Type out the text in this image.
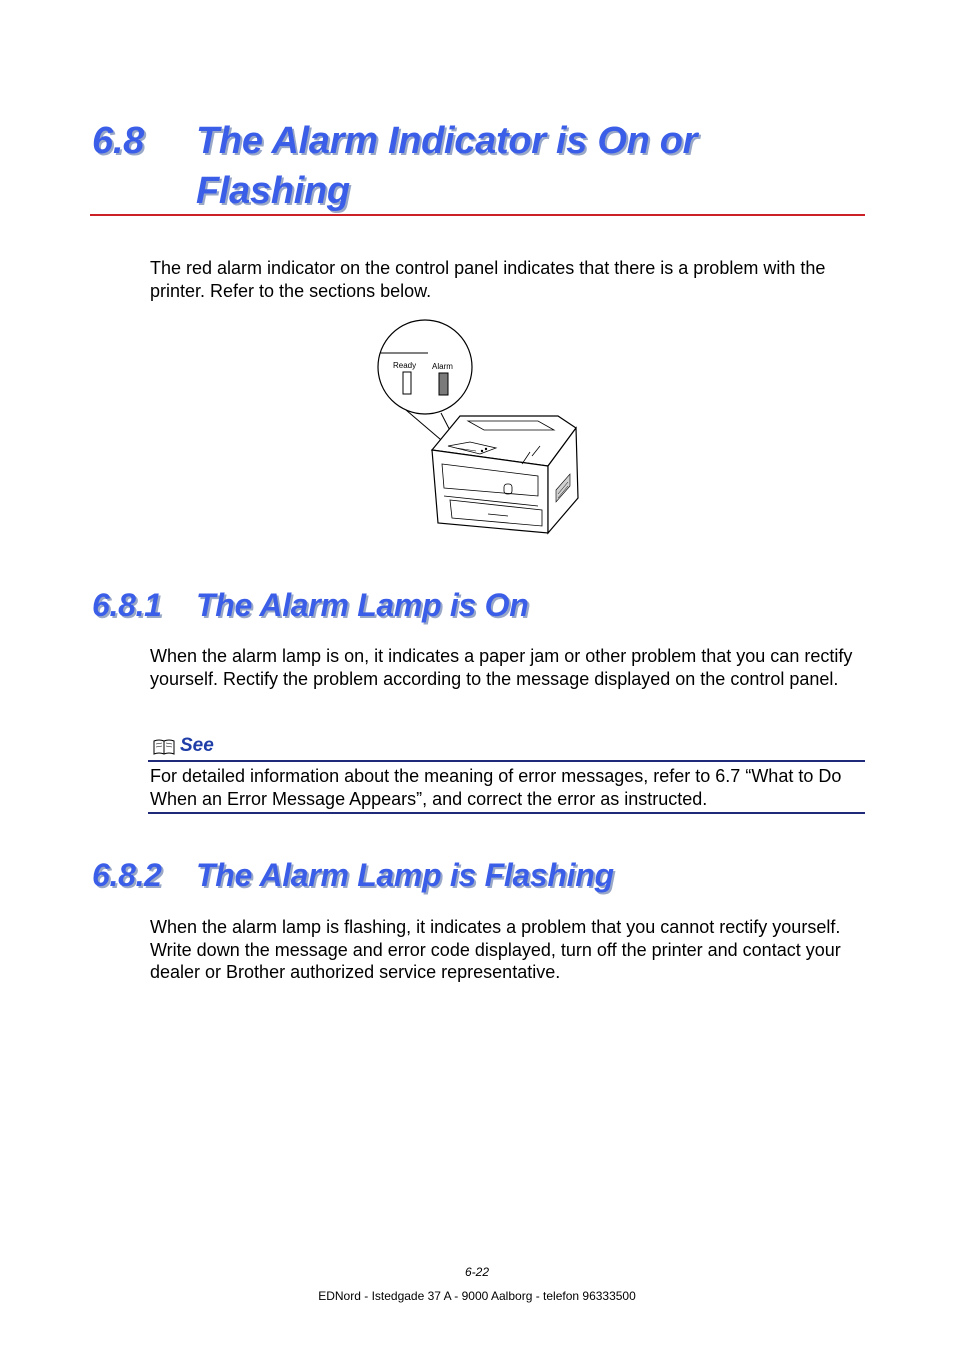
6.8 The Alarm Indicator is On or
Flashing

The red alarm indicator on the control panel indicates that there is a problem with the printer. Refer to the sections below.

Ready Alarm
6.8.1 The Alarm Lamp is On

When the alarm lamp is on, it indicates a paper jam or other problem that you can rectify yourself. Rectify the problem according to the message displayed on the control panel.

See
For detailed information about the meaning of error messages, refer to 6.7 “What to Do When an Error Message Appears”, and correct the error as instructed.
6.8.2 The Alarm Lamp is Flashing

When the alarm lamp is flashing, it indicates a problem that you cannot rectify yourself. Write down the message and error code displayed, turn off the printer and contact your dealer or Brother authorized service representative.

6-22
EDNord - Istedgade 37 A - 9000 Aalborg - telefon 96333500
